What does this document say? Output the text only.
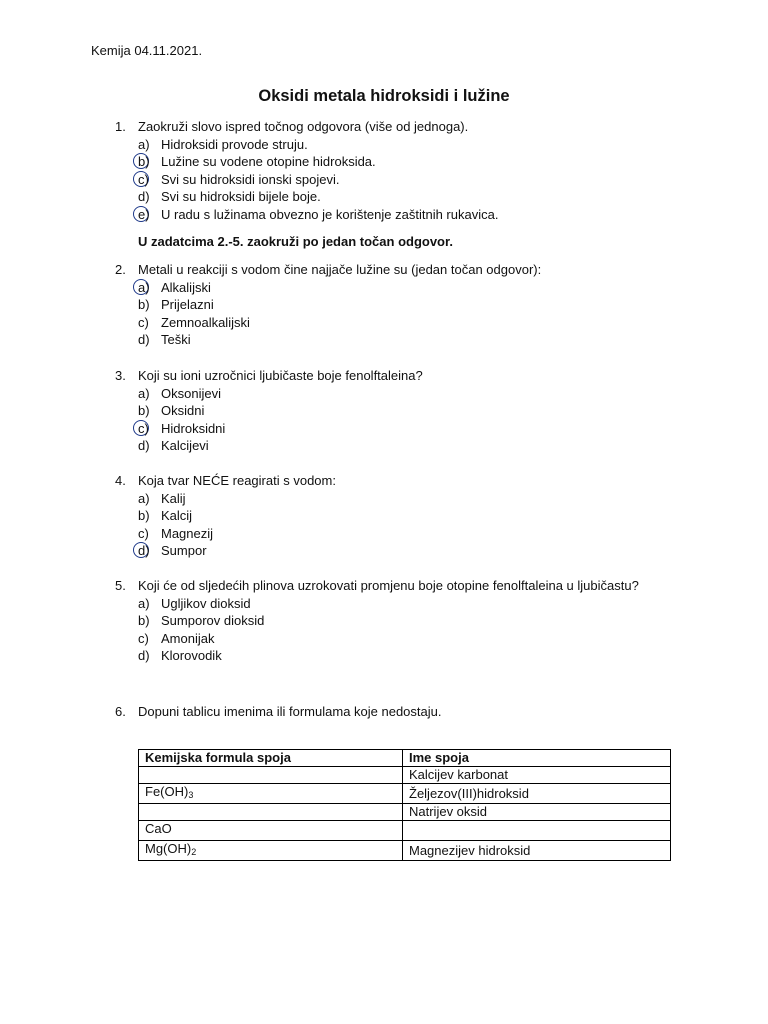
Kemija 04.11.2021.
Oksidi metala hidroksidi i lužine
1. Zaokruži slovo ispred točnog odgovora (više od jednoga).
a) Hidroksidi provode struju.
b) Lužine su vodene otopine hidroksida.
c) Svi su hidroksidi ionski spojevi.
d) Svi su hidroksidi bijele boje.
e) U radu s lužinama obvezno je korištenje zaštitnih rukavica.
U zadatcima 2.-5. zaokruži po jedan točan odgovor.
2. Metali u reakciji s vodom čine najjače lužine su (jedan točan odgovor):
a) Alkalijski
b) Prijelazni
c) Zemnoalkalijski
d) Teški
3. Koji su ioni uzročnici ljubičaste boje fenolftaleina?
a) Oksonijevi
b) Oksidni
c) Hidroksidni
d) Kalcijevi
4. Koja tvar NEĆE reagirati s vodom:
a) Kalij
b) Kalcij
c) Magnezij
d) Sumpor
5. Koji će od sljedećih plinova uzrokovati promjenu boje otopine fenolftaleina u ljubičastu?
a) Ugljikov dioksid
b) Sumporov dioksid
c) Amonijak
d) Klorovodik
6. Dopuni tablicu imenima ili formulama koje nedostaju.
Kemijska formula spoja	Ime spoja
	Kalcijev karbonat
$Fe(OH)_3$	Željezov(III)hidroksid
	Natrijev oksid
CaO	
$Mg(OH)_2$	Magnezijev hidroksid
